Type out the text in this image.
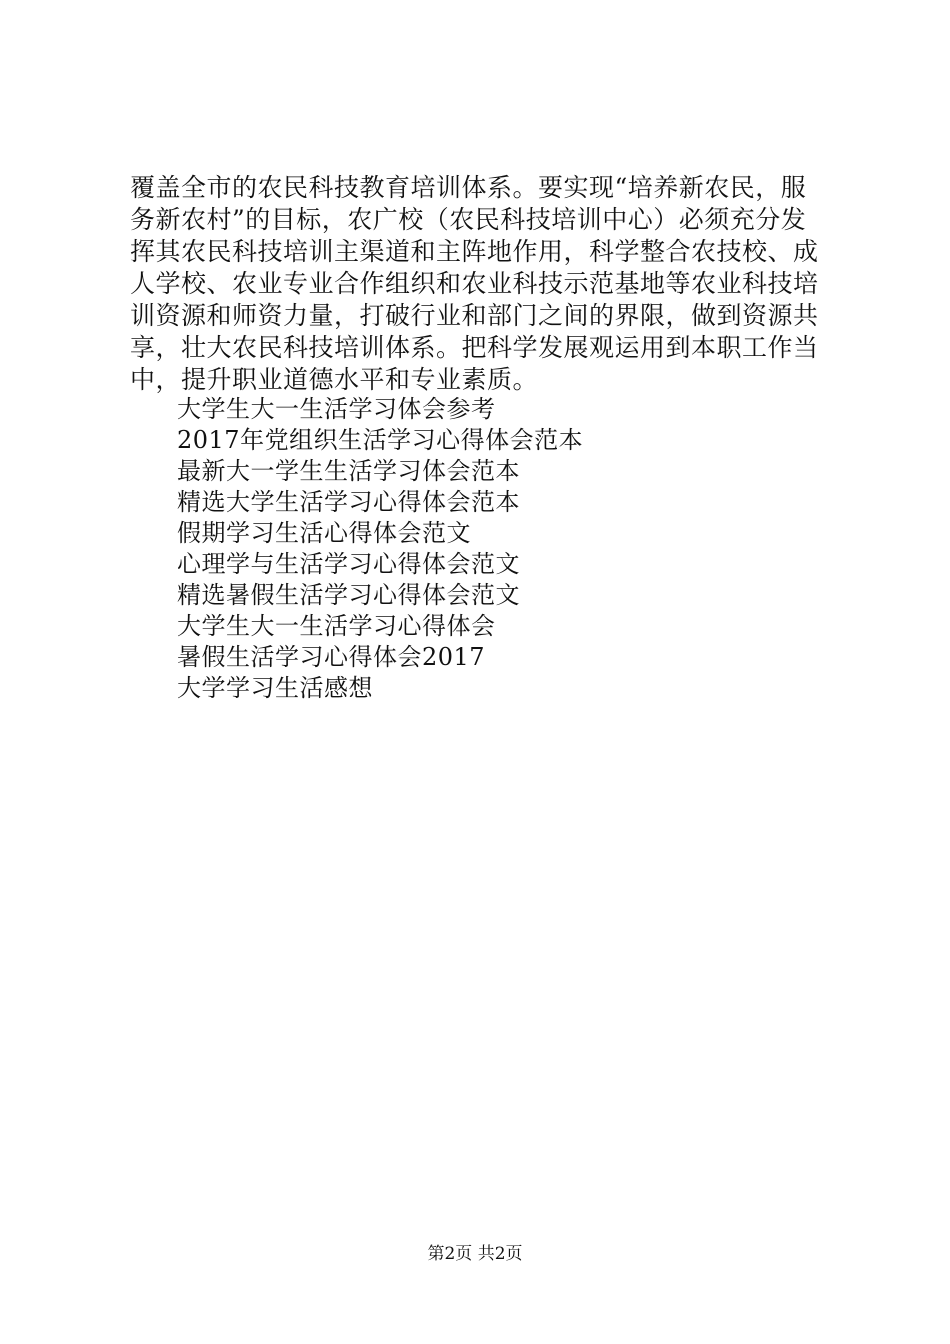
覆盖全市的农民科技教育培训体系。要实现“培养新农民，服
务新农村”的目标，农广校（农民科技培训中心）必须充分发
挥其农民科技培训主渠道和主阵地作用，科学整合农技校、成
人学校、农业专业合作组织和农业科技示范基地等农业科技培
训资源和师资力量，打破行业和部门之间的界限，做到资源共
享，壮大农民科技培训体系。把科学发展观运用到本职工作当
中，提升职业道德水平和专业素质。
大学生大一生活学习体会参考
2017年党组织生活学习心得体会范本
最新大一学生生活学习体会范本
精选大学生活学习心得体会范本
假期学习生活心得体会范文
心理学与生活学习心得体会范文
精选暑假生活学习心得体会范文
大学生大一生活学习心得体会
暑假生活学习心得体会2017
大学学习生活感想
第2页 共2页
